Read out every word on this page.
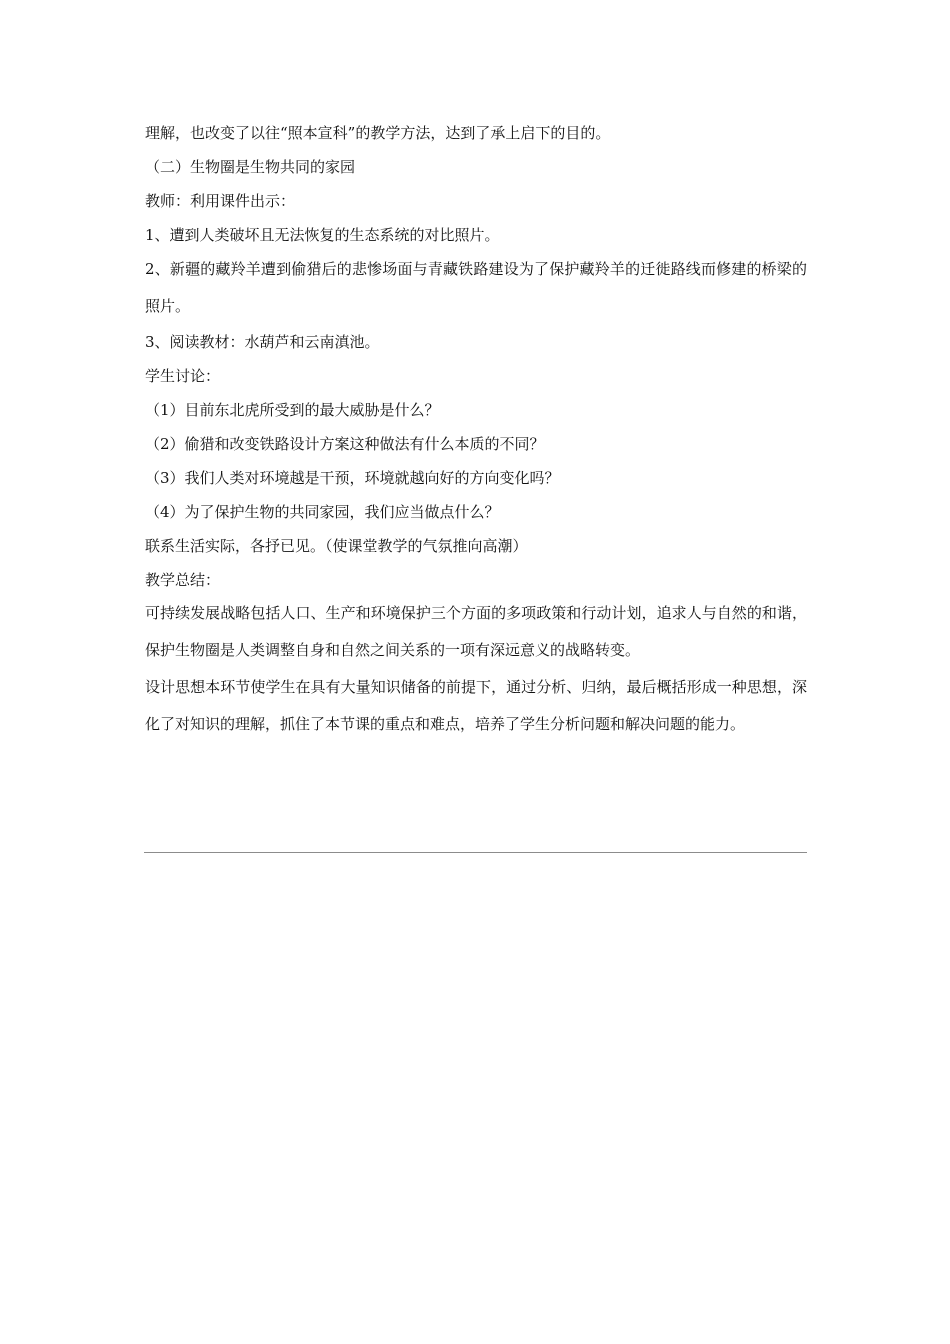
理解，也改变了以往“照本宣科”的教学方法，达到了承上启下的目的。

（二）生物圈是生物共同的家园

教师：利用课件出示：

1、遭到人类破坏且无法恢复的生态系统的对比照片。

2、新疆的藏羚羊遭到偷猎后的悲惨场面与青藏铁路建设为了保护藏羚羊的迁徙路线而修建的桥梁的照片。

3、阅读教材：水葫芦和云南滇池。

学生讨论：

（1）目前东北虎所受到的最大威胁是什么？

（2）偷猎和改变铁路设计方案这种做法有什么本质的不同？

（3）我们人类对环境越是干预，环境就越向好的方向变化吗？

（4）为了保护生物的共同家园，我们应当做点什么？

联系生活实际，各抒已见。（使课堂教学的气氛推向高潮）

教学总结：

可持续发展战略包括人口、生产和环境保护三个方面的多项政策和行动计划，追求人与自然的和谐，保护生物圈是人类调整自身和自然之间关系的一项有深远意义的战略转变。

设计思想本环节使学生在具有大量知识储备的前提下，通过分析、归纳，最后概括形成一种思想，深化了对知识的理解，抓住了本节课的重点和难点，培养了学生分析问题和解决问题的能力。
